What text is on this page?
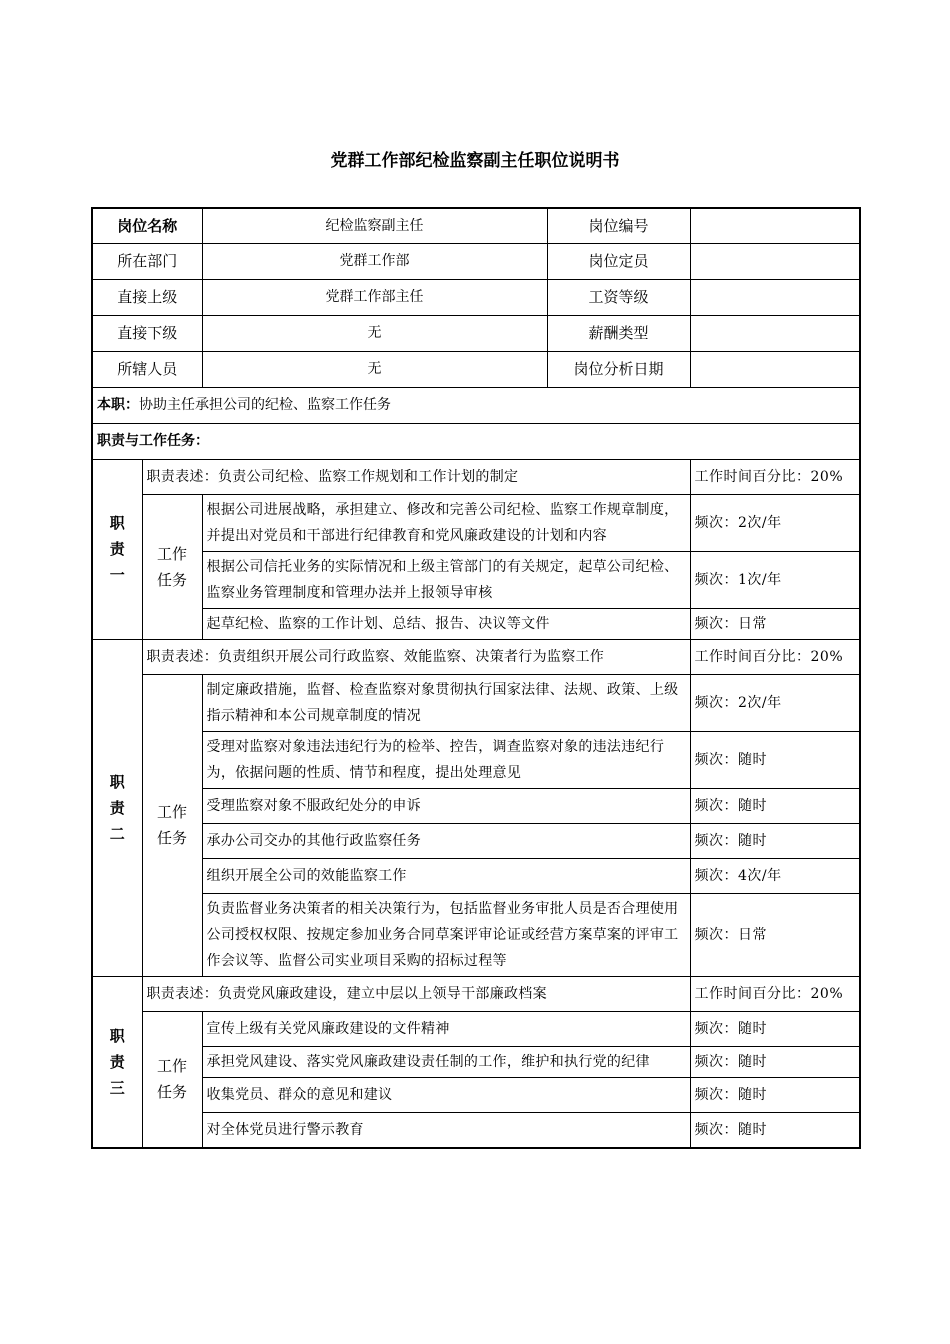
党群工作部纪检监察副主任职位说明书
岗位名称		纪检监察副主任	岗位编号	
所在部门		党群工作部	岗位定员	
直接上级		党群工作部主任	工资等级	
直接下级		无	薪酬类型	
所辖人员		无	岗位分析日期	
本职：协助主任承担公司的纪检、监察工作任务				
职责与工作任务：				

职
责
一	职责表述：负责公司纪检、监察工作规划和工作计划的制定			工作时间百分比：20%

	工作
任务	根据公司进展战略，承担建立、修改和完善公司纪检、监察工作规章制度，并提出对党员和干部进行纪律教育和党风廉政建设的计划和内容		频次：2次/年
		根据公司信托业务的实际情况和上级主管部门的有关规定，起草公司纪检、监察业务管理制度和管理办法并上报领导审核		频次：1次/年
		起草纪检、监察的工作计划、总结、报告、决议等文件		频次：日常

职
责
二	职责表述：负责组织开展公司行政监察、效能监察、决策者行为监察工作			工作时间百分比：20%

	工作
任务	制定廉政措施，监督、检查监察对象贯彻执行国家法律、法规、政策、上级指示精神和本公司规章制度的情况		频次：2次/年
		受理对监察对象违法违纪行为的检举、控告，调查监察对象的违法违纪行为，依据问题的性质、情节和程度，提出处理意见		频次：随时
		受理监察对象不服政纪处分的申诉		频次：随时
		承办公司交办的其他行政监察任务		频次：随时
		组织开展全公司的效能监察工作		频次：4次/年
		负责监督业务决策者的相关决策行为，包括监督业务审批人员是否合理使用公司授权权限、按规定参加业务合同草案评审论证或经营方案草案的评审工作会议等、监督公司实业项目采购的招标过程等		频次：日常

职
责
三	职责表述：负责党风廉政建设，建立中层以上领导干部廉政档案			工作时间百分比：20%

	工作
任务	宣传上级有关党风廉政建设的文件精神		频次：随时
		承担党风建设、落实党风廉政建设责任制的工作，维护和执行党的纪律		频次：随时
		收集党员、群众的意见和建议		频次：随时
		对全体党员进行警示教育		频次：随时
